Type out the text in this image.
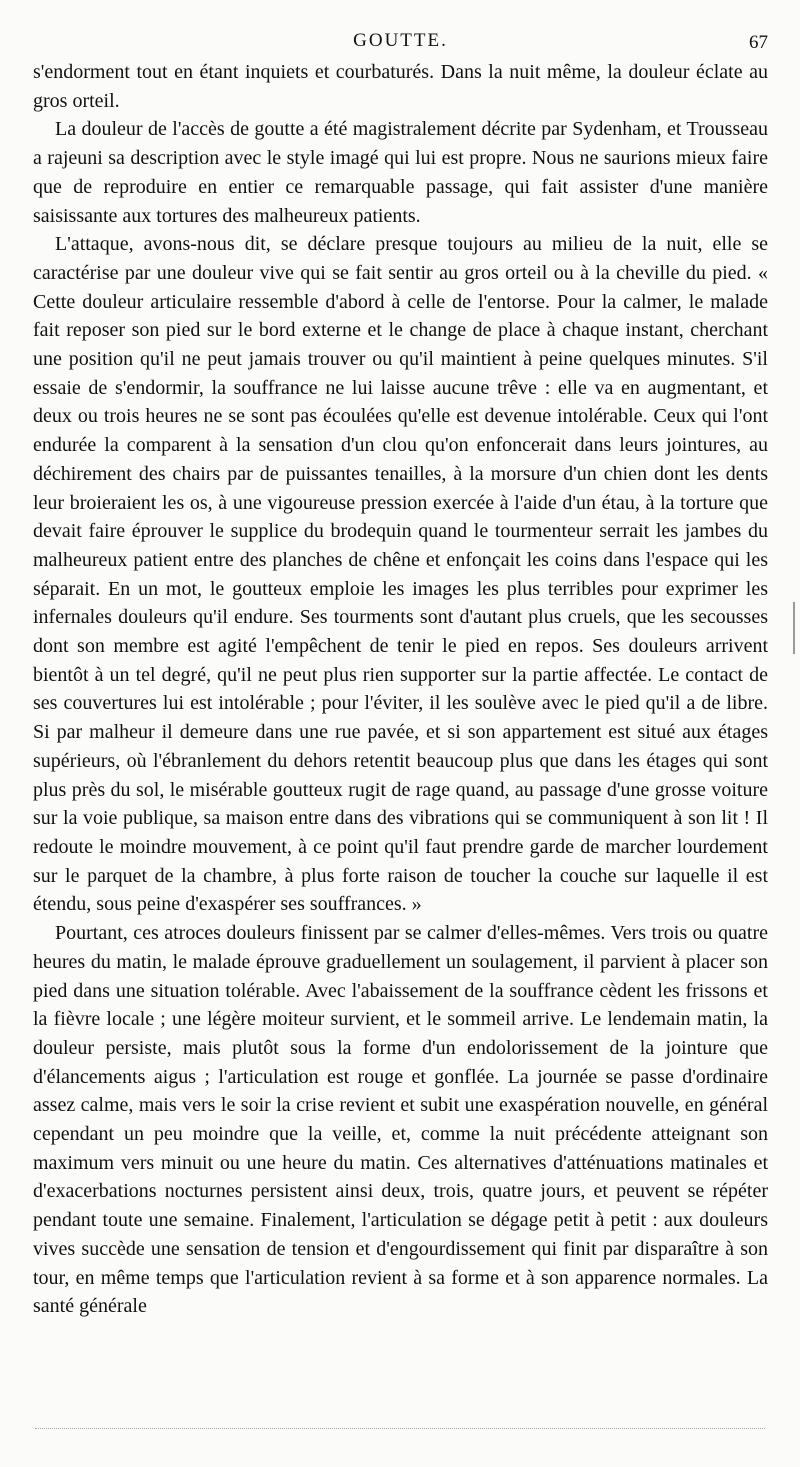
GOUTTE.	67

s'endorment tout en étant inquiets et courbaturés. Dans la nuit même, la douleur éclate au gros orteil.

La douleur de l'accès de goutte a été magistralement décrite par Sydenham, et Trousseau a rajeuni sa description avec le style imagé qui lui est propre. Nous ne saurions mieux faire que de reproduire en entier ce remarquable passage, qui fait assister d'une manière saisissante aux tortures des malheureux patients.

L'attaque, avons-nous dit, se déclare presque toujours au milieu de la nuit, elle se caractérise par une douleur vive qui se fait sentir au gros orteil ou à la cheville du pied. « Cette douleur articulaire ressemble d'abord à celle de l'entorse. Pour la calmer, le malade fait reposer son pied sur le bord externe et le change de place à chaque instant, cherchant une position qu'il ne peut jamais trouver ou qu'il maintient à peine quelques minutes. S'il essaie de s'endormir, la souffrance ne lui laisse aucune trêve : elle va en augmentant, et deux ou trois heures ne se sont pas écoulées qu'elle est devenue intolérable. Ceux qui l'ont endurée la comparent à la sensation d'un clou qu'on enfoncerait dans leurs jointures, au déchirement des chairs par de puissantes tenailles, à la morsure d'un chien dont les dents leur broieraient les os, à une vigoureuse pression exercée à l'aide d'un étau, à la torture que devait faire éprouver le supplice du brodequin quand le tourmenteur serrait les jambes du malheureux patient entre des planches de chêne et enfonçait les coins dans l'espace qui les séparait. En un mot, le goutteux emploie les images les plus terribles pour exprimer les infernales douleurs qu'il endure. Ses tourments sont d'autant plus cruels, que les secousses dont son membre est agité l'empêchent de tenir le pied en repos. Ses douleurs arrivent bientôt à un tel degré, qu'il ne peut plus rien supporter sur la partie affectée. Le contact de ses couvertures lui est intolérable ; pour l'éviter, il les soulève avec le pied qu'il a de libre. Si par malheur il demeure dans une rue pavée, et si son appartement est situé aux étages supérieurs, où l'ébranlement du dehors retentit beaucoup plus que dans les étages qui sont plus près du sol, le misérable goutteux rugit de rage quand, au passage d'une grosse voiture sur la voie publique, sa maison entre dans des vibrations qui se communiquent à son lit ! Il redoute le moindre mouvement, à ce point qu'il faut prendre garde de marcher lourdement sur le parquet de la chambre, à plus forte raison de toucher la couche sur laquelle il est étendu, sous peine d'exaspérer ses souffrances. »

Pourtant, ces atroces douleurs finissent par se calmer d'elles-mêmes. Vers trois ou quatre heures du matin, le malade éprouve graduellement un soulagement, il parvient à placer son pied dans une situation tolérable. Avec l'abaissement de la souffrance cèdent les frissons et la fièvre locale ; une légère moiteur survient, et le sommeil arrive. Le lendemain matin, la douleur persiste, mais plutôt sous la forme d'un endolorissement de la jointure que d'élancements aigus ; l'articulation est rouge et gonflée. La journée se passe d'ordinaire assez calme, mais vers le soir la crise revient et subit une exaspération nouvelle, en général cependant un peu moindre que la veille, et, comme la nuit précédente atteignant son maximum vers minuit ou une heure du matin. Ces alternatives d'atténuations matinales et d'exacerbations nocturnes persistent ainsi deux, trois, quatre jours, et peuvent se répéter pendant toute une semaine. Finalement, l'articulation se dégage petit à petit : aux douleurs vives succède une sensation de tension et d'engourdissement qui finit par disparaître à son tour, en même temps que l'articulation revient à sa forme et à son apparence normales. La santé générale
